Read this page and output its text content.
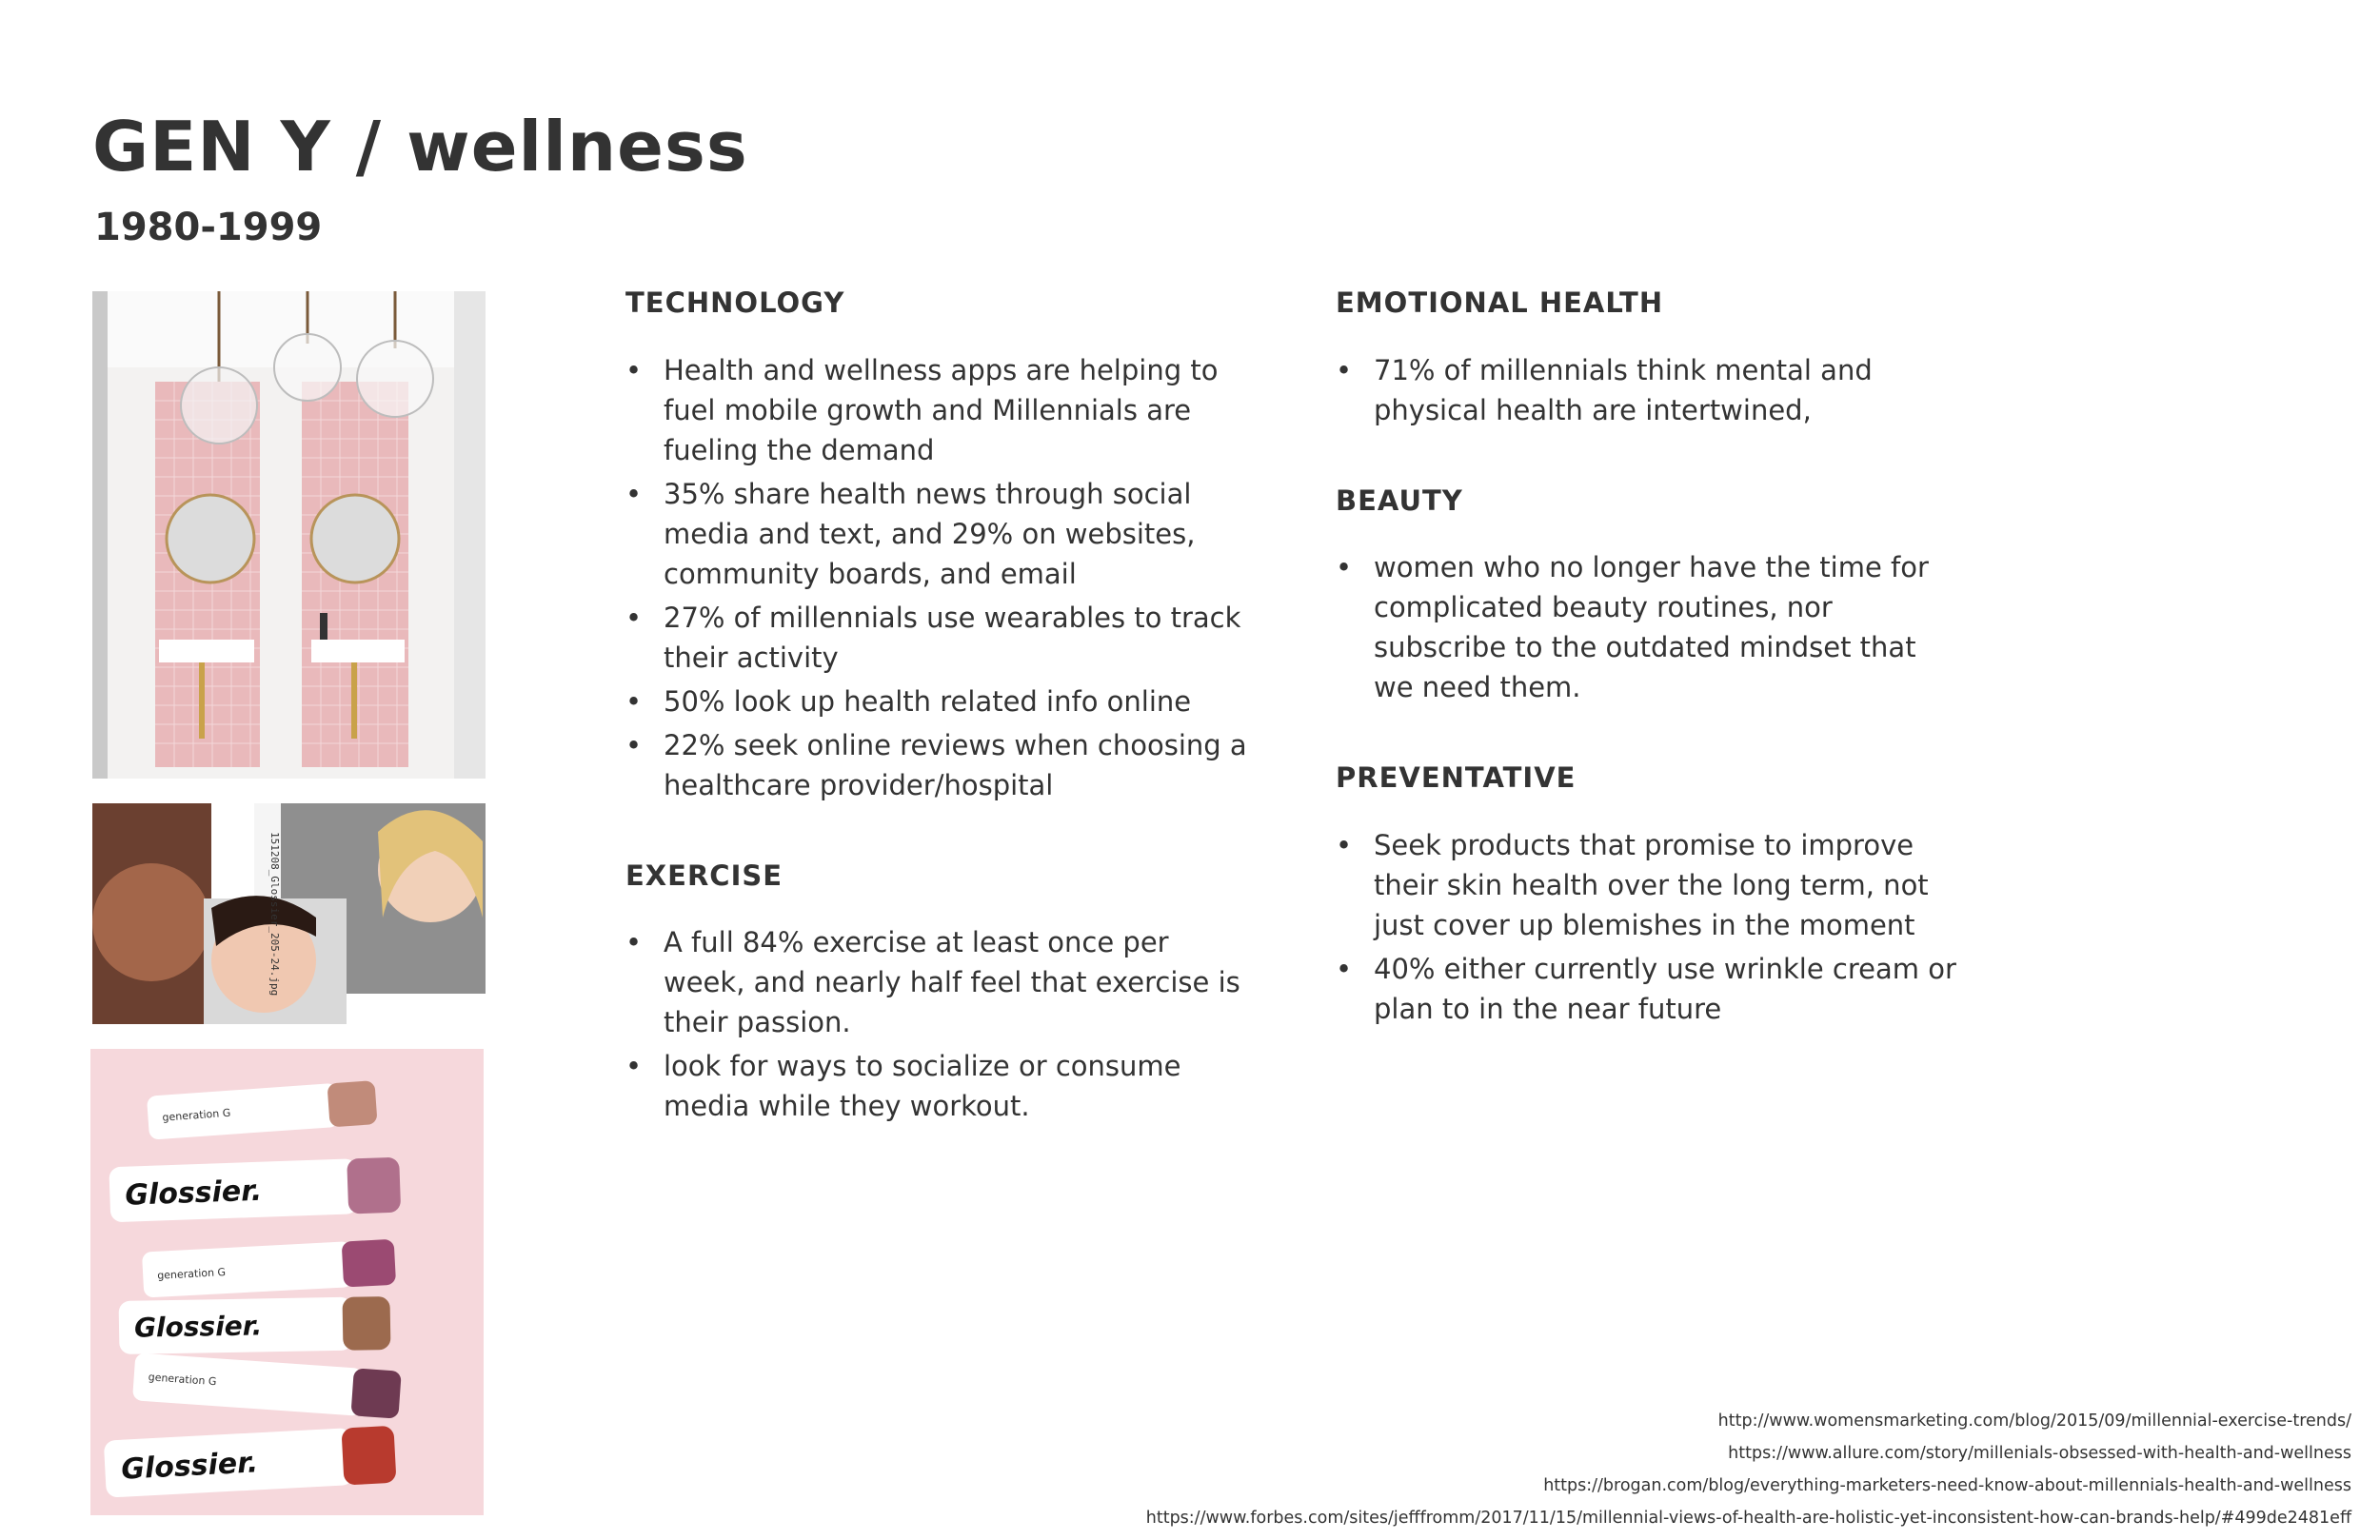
GEN Y / wellness
1980-1999
151208_Glossier_205-24.jpg
generation G
Glossier.
generation G
Glossier.
generation G
Glossier.
TECHNOLOGY
• Health and wellness apps are helping to fuel mobile growth and Millennials are fueling the demand
• 35% share health news through social media and text, and 29% on websites, community boards, and email
• 27% of millennials use wearables to track their activity
• 50% look up health related info online
• 22% seek online reviews when choosing a healthcare provider/hospital
EXERCISE
• A full 84% exercise at least once per week, and nearly half feel that exercise is their passion.
• look for ways to socialize or consume media while they workout.
EMOTIONAL HEALTH
• 71% of millennials think mental and physical health are intertwined,
BEAUTY
• women who no longer have the time for complicated beauty routines, nor subscribe to the outdated mindset that we need them.
PREVENTATIVE
• Seek products that promise to improve their skin health over the long term, not just cover up blemishes in the moment
• 40% either currently use wrinkle cream or plan to in the near future
http://www.womensmarketing.com/blog/2015/09/millennial-exercise-trends/
https://www.allure.com/story/millenials-obsessed-with-health-and-wellness
https://brogan.com/blog/everything-marketers-need-know-about-millennials-health-and-wellness
https://www.forbes.com/sites/jefffromm/2017/11/15/millennial-views-of-health-are-holistic-yet-inconsistent-how-can-brands-help/#499de2481eff
